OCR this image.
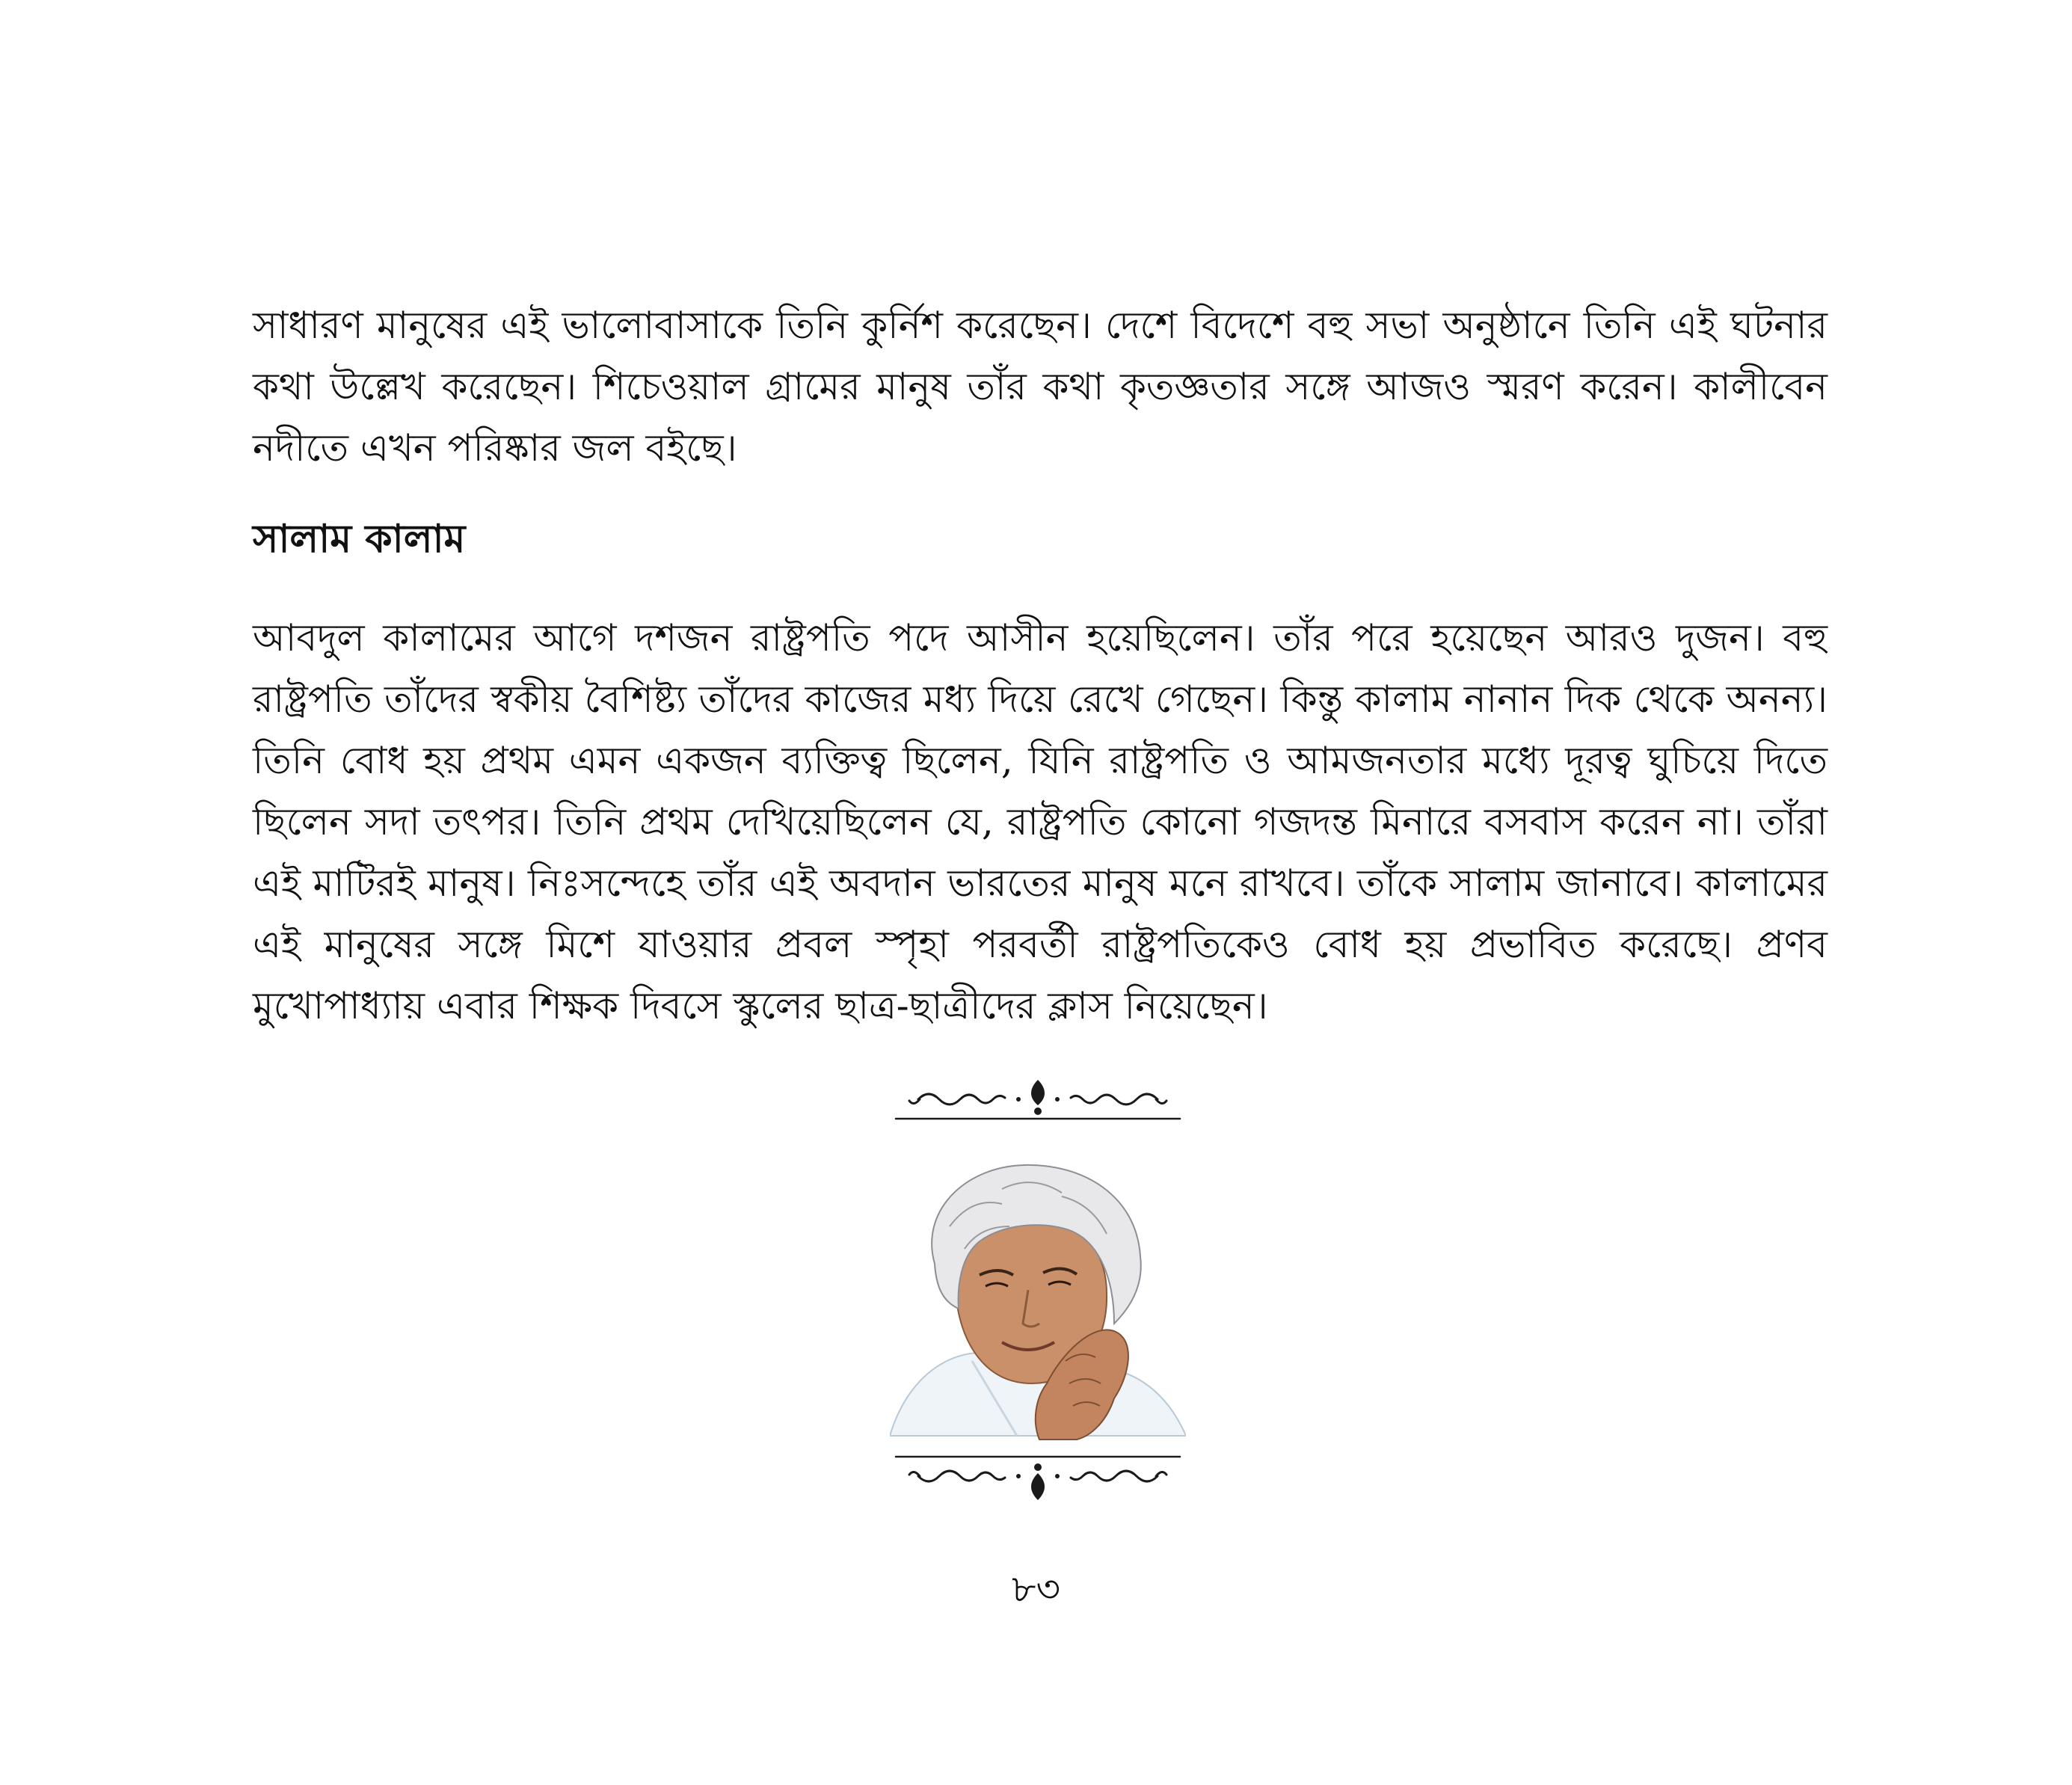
সাধারণ মানুষের এই ভালোবাসাকে তিনি কুর্নিশ করেছেন। দেশে বিদেশে বহু সভা অনুষ্ঠানে তিনি এই ঘটনার কথা উল্লেখ করেছেন। শিচেওয়াল গ্রামের মানুষ তাঁর কথা কৃতজ্ঞতার সঙ্গে আজও স্মরণ করেন। কালীবেন নদীতে এখন পরিষ্কার জল বইছে।

সালাম কালাম

আবদুল কালামের আগে দশজন রাষ্ট্রপতি পদে আসীন হয়েছিলেন। তাঁর পরে হয়েছেন আরও দুজন। বহু রাষ্ট্রপতি তাঁদের স্বকীয় বৈশিষ্ট্য তাঁদের কাজের মধ্য দিয়ে রেখে গেছেন। কিন্তু কালাম নানান দিক থেকে অনন্য। তিনি বোধ হয় প্রথম এমন একজন ব্যক্তিত্ব ছিলেন, যিনি রাষ্ট্রপতি ও আমজনতার মধ্যে দূরত্ব ঘুচিয়ে দিতে ছিলেন সদা তৎপর। তিনি প্রথম দেখিয়েছিলেন যে, রাষ্ট্রপতি কোনো গজদন্ত মিনারে বসবাস করেন না। তাঁরা এই মাটিরই মানুষ। নিঃসন্দেহে তাঁর এই অবদান ভারতের মানুষ মনে রাখবে। তাঁকে সালাম জানাবে। কালামের এই মানুষের সঙ্গে মিশে যাওয়ার প্রবল স্পৃহা পরবর্তী রাষ্ট্রপতিকেও বোধ হয় প্রভাবিত করেছে। প্রণব মুখোপাধ্যায় এবার শিক্ষক দিবসে স্কুলের ছাত্র-ছাত্রীদের ক্লাস নিয়েছেন।

৮৩
